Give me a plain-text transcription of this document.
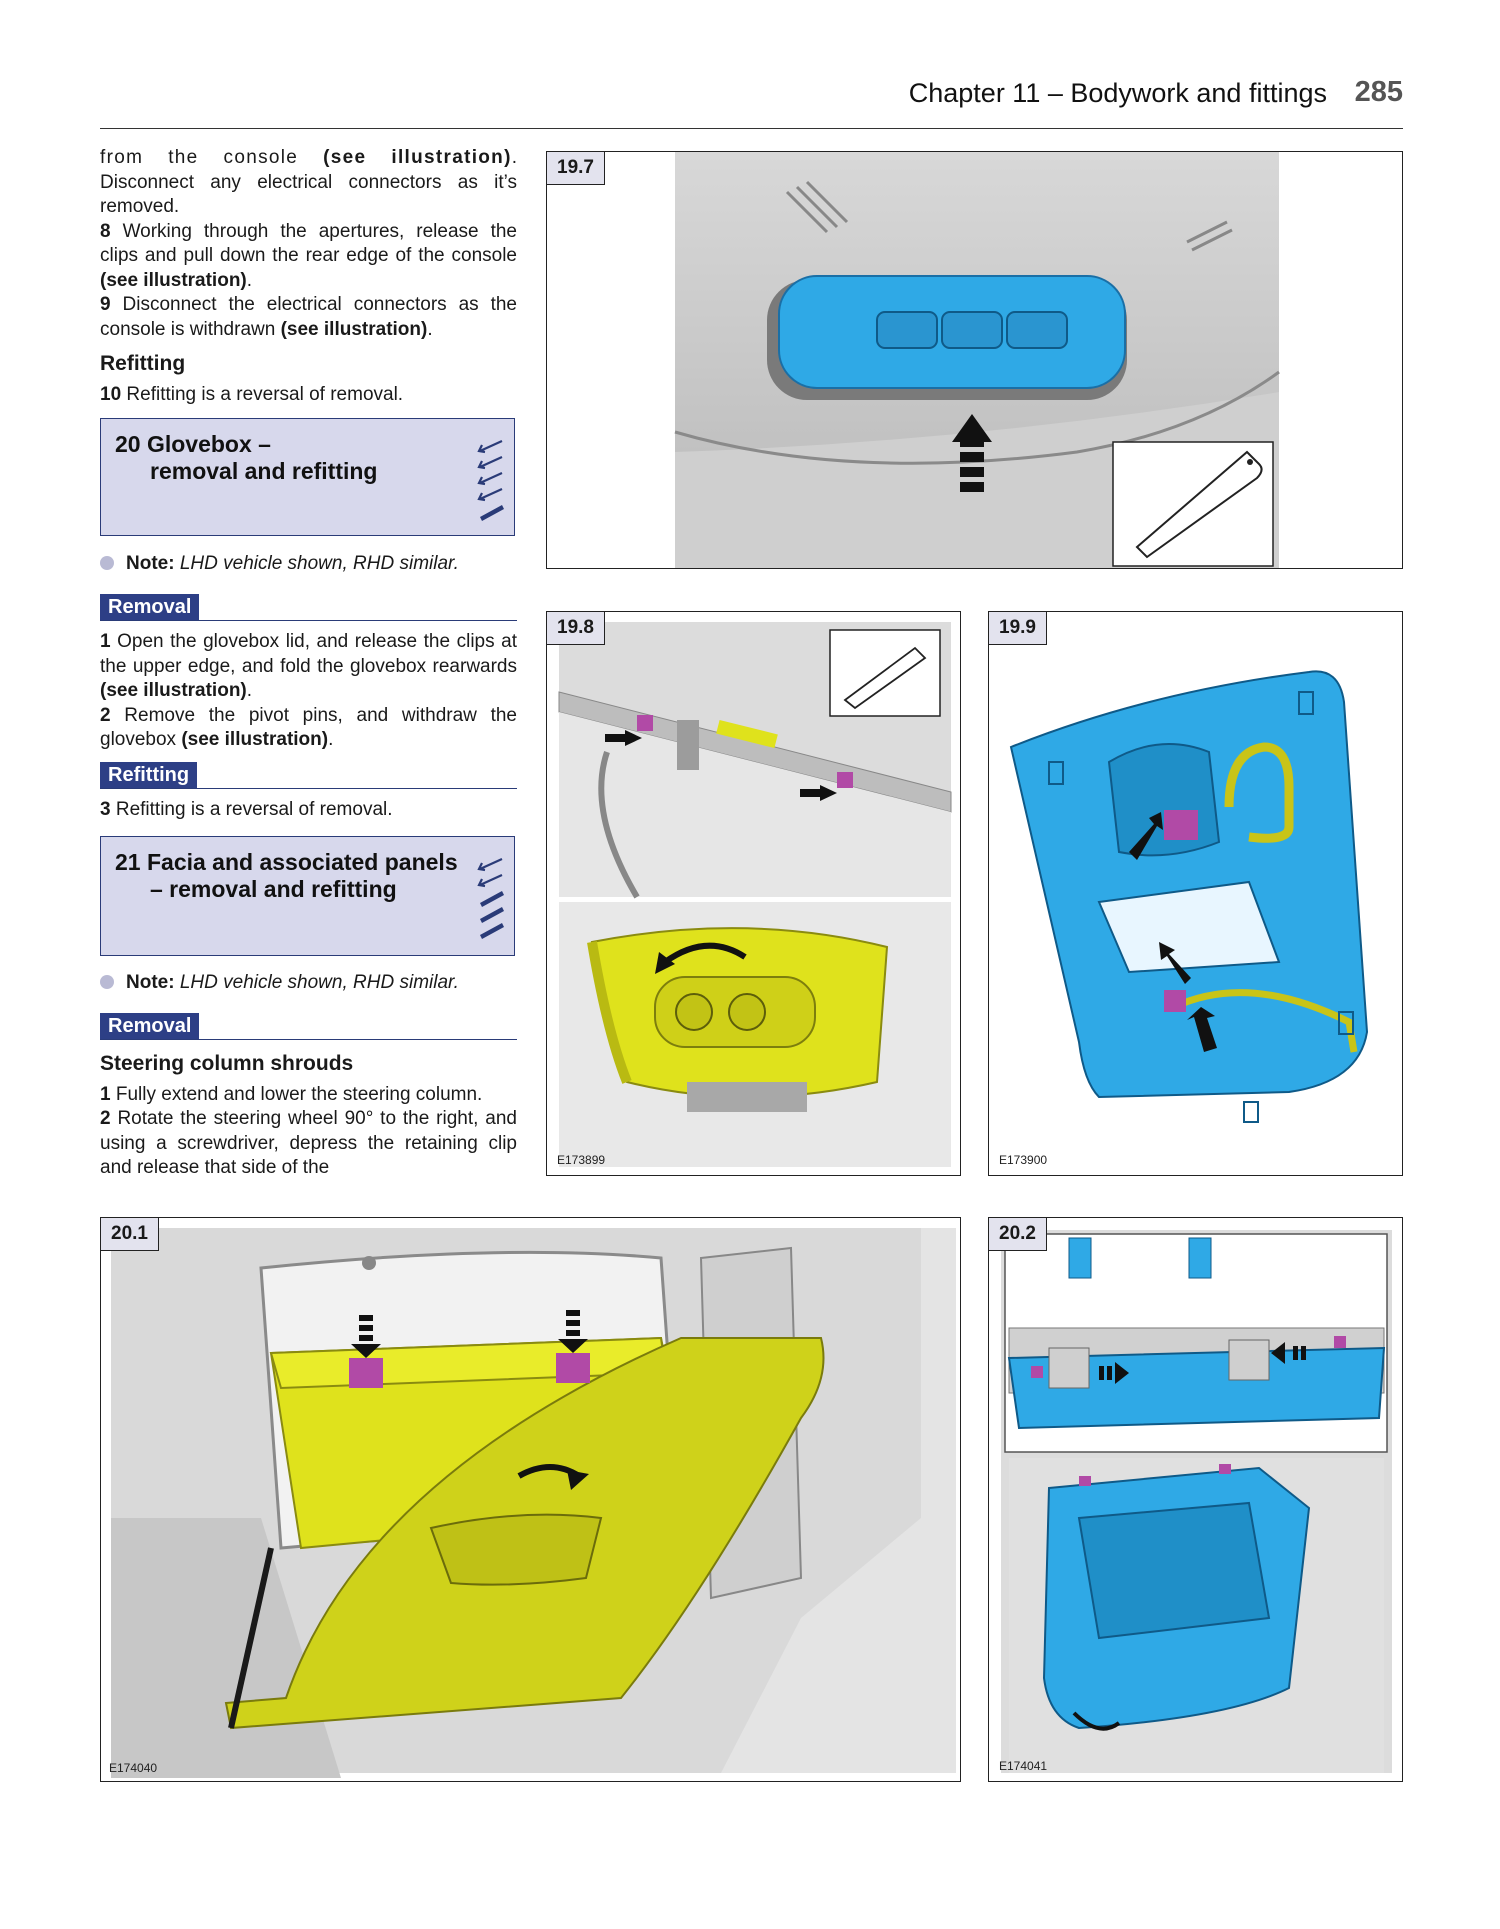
Chapter 11 – Bodywork and fittings 285

from the console (see illustration). Disconnect any electrical connectors as it’s removed.

8 Working through the apertures, release the clips and pull down the rear edge of the console (see illustration).

9 Disconnect the electrical connectors as the console is withdrawn (see illustration).

Refitting

10 Refitting is a reversal of removal.

20 Glovebox –
removal and refitting
Note: LHD vehicle shown, RHD similar.
Removal

1 Open the glovebox lid, and release the clips at the upper edge, and fold the glovebox rearwards (see illustration).

2 Remove the pivot pins, and withdraw the glovebox (see illustration).

Refitting

3 Refitting is a reversal of removal.

21 Facia and associated panels
– removal and refitting
Note: LHD vehicle shown, RHD similar.
Removal
Steering column shrouds

1 Fully extend and lower the steering column.

2 Rotate the steering wheel 90° to the right, and using a screwdriver, depress the retaining clip and release that side of the

19.7
19.8
E173899
19.9
E173900
20.1
E174040
20.2
E174041
